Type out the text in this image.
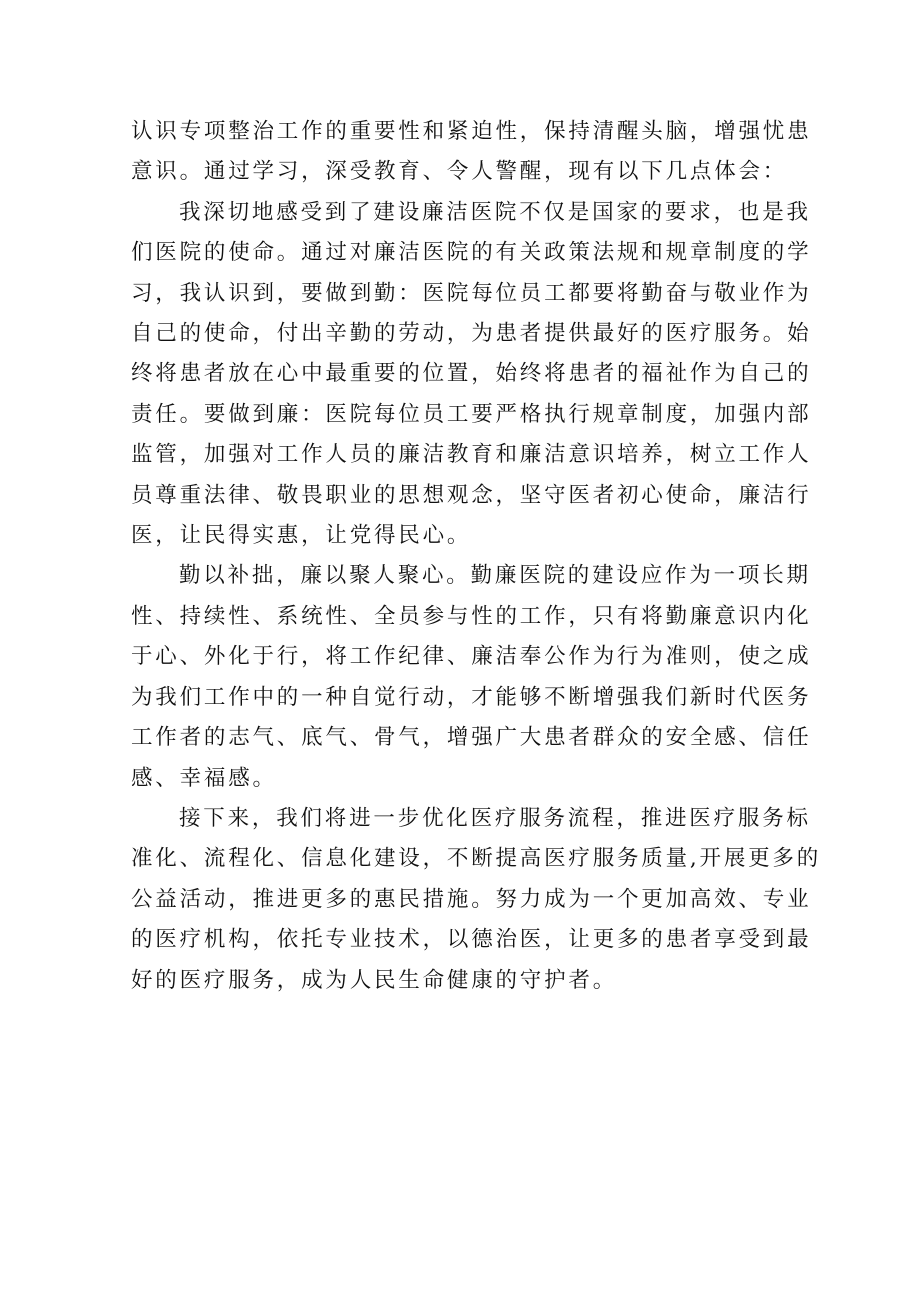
认识专项整治工作的重要性和紧迫性，保持清醒头脑，增强忧患
意识。通过学习，深受教育、令人警醒，现有以下几点体会：

我深切地感受到了建设廉洁医院不仅是国家的要求，也是我
们医院的使命。通过对廉洁医院的有关政策法规和规章制度的学
习，我认识到，要做到勤：医院每位员工都要将勤奋与敬业作为
自己的使命，付出辛勤的劳动，为患者提供最好的医疗服务。始
终将患者放在心中最重要的位置，始终将患者的福祉作为自己的
责任。要做到廉：医院每位员工要严格执行规章制度，加强内部
监管，加强对工作人员的廉洁教育和廉洁意识培养，树立工作人
员尊重法律、敬畏职业的思想观念，坚守医者初心使命，廉洁行
医，让民得实惠，让党得民心。

勤以补拙，廉以聚人聚心。勤廉医院的建设应作为一项长期
性、持续性、系统性、全员参与性的工作，只有将勤廉意识内化
于心、外化于行，将工作纪律、廉洁奉公作为行为准则，使之成
为我们工作中的一种自觉行动，才能够不断增强我们新时代医务
工作者的志气、底气、骨气，增强广大患者群众的安全感、信任
感、幸福感。

接下来，我们将进一步优化医疗服务流程，推进医疗服务标
准化、流程化、信息化建设，不断提高医疗服务质量,开展更多的
公益活动，推进更多的惠民措施。努力成为一个更加高效、专业
的医疗机构，依托专业技术，以德治医，让更多的患者享受到最
好的医疗服务，成为人民生命健康的守护者。
